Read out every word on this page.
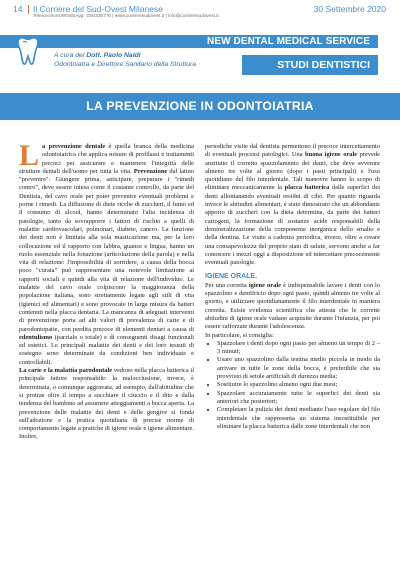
14 Il Corriere del Sud-Ovest Milanese
Telefono/sms/WhatsApp: 335/335770 | www.corrieresudovest.it | info@corrieresudovest.it
30 Settembre 2020
NEW DENTAL MEDICAL SERVICE
A cura del Dott. Paolo Naldi
Odontoiatra e Direttore Sanitario della Struttura	STUDI DENTISTICI
LA PREVENZIONE IN ODONTOIATRIA

La prevenzione dentale è quella branca della medicina odontoiatrica che applica misure di profilassi e trattamenti precoci per assicurare e mantenere l'integrità delle strutture dentali dell'uomo per tutta la vita. Prevenzione dal latino "prevenire": Giungere prima, anticipare, preparare i "rimedi contro", deve essere intesa come il costante controllo, da parte del Dentista, del cavo orale per poter prevenire eventuali problemi e porne i rimedi. La diffusione di diete ricche di zuccheri, il fumo ed il consumo di alcool, hanno determinato l'alta incidenza di patologie, tanto da sovrapporre i fattori di rischio a quelli di malattie cardiovascolari, polmonari, diabete, cancro. La funzione dei denti non è limitata alla sola masticazione ma, per la loro collocazione ed il rapporto con labbra, guance e lingua, hanno un ruolo essenziale nella fonazione (articolazione della parola) e nella vita di relazione: l'impossibilità di sorridere, a causa della bocca poco "curata" può rappresentare una notevole limitazione ai rapporti sociali e quindi alla vita di relazione dell'individuo. Le malattie del cavo orale colpiscono la maggioranza della popolazione italiana, sono strettamente legate agli stili di vita (igienici ed alimentari) e sono provocate in larga misura da batteri contenuti nella placca dentaria. La mancanza di adeguati interventi di prevenzione porta ad alti valori di prevalenza di carie e di parodontopatie, con perdita precoce di elementi dentari a causa di edentulismo (parziale o totale) e di conseguenti disagi funzionali ed estetici. Le principali malattie dei denti e dei loro tessuti di sostegno sono determinate da condizioni ben individuate e controllabili.

La carie e la malattia parodontale vedono nella placca batterica il principale fattore responsabile: la malocclusione, invece, è determinata, o comunque aggravata, ad esempio, dall'abitudine che si protrae oltre il tempo a succhiare il ciuccio e il dito e dalla tendenza del bambino ad assumere atteggiamenti a bocca aperta. La prevenzione delle malattie dei denti e delle gengive si fonda sull'adozione e la pratica quotidiana di precise norme di comportamento legate a pratiche di igiene orale e igiene alimentare. Inoltre,

periodiche visite dal dentista permettono il precoce intercettamento di eventuali processi patologici. Una buona igiene orale prevede anzitutto il corretto spazzolamento dei denti, che deve avvenire almeno tre volte al giorno (dopo i pasti principali) e l'uso quotidiano del filo interdentale. Tali manovre hanno lo scopo di eliminare meccanicamente la placca batterica dalle superfici dei denti allontanando eventuali residui di cibo. Per quanto riguarda invece le abitudini alimentari, è stato dimostrato che un abbondante apporto di zuccheri con la dieta determina, da parte dei batteri cariogeni, la formazione di sostanze acide responsabili della demineralizzazione della componente inorganica dello smalto e della dentina. Le visite a cadenza periodica, invece, oltre a creare una consapevolezza del proprio stato di salute, servono anche a far conoscere i mezzi oggi a disposizione ed intercettare precocemente eventuali patologie.

IGIENE ORALE.

Per una corretta igiene orale è indispensabile lavare i denti con lo spazzolino e dentifricio dopo ogni pasto, quindi almeno tre volte al giorno, e utilizzare quotidianamente il filo interdentale in maniera corretta. Esiste evidenza scientifica che attesta che le corrette abitudini di igiene orale vadano acquisite durante l'infanzia, per poi essere rafforzate durante l'adolescenza.

In particolare, si consiglia:

• Spazzolare i denti dopo ogni pasto per almeno un tempo di 2 – 3 minuti;
• Usare uno spazzolino dalla testina medio piccola in modo da arrivare in tutte le zone della bocca, è preferibile che sia provvisto di setole artificiali di durezza media;
• Sostituire lo spazzolino almeno ogni due mesi;
• Spazzolare accuratamente tutte le superfici dei denti sia anteriori che posteriori;
• Completare la pulizia dei denti mediante l'uso regolare del filo interdentale che rappresenta un sistema insostituibile per eliminare la placca batterica dalle zone interdentali che non
